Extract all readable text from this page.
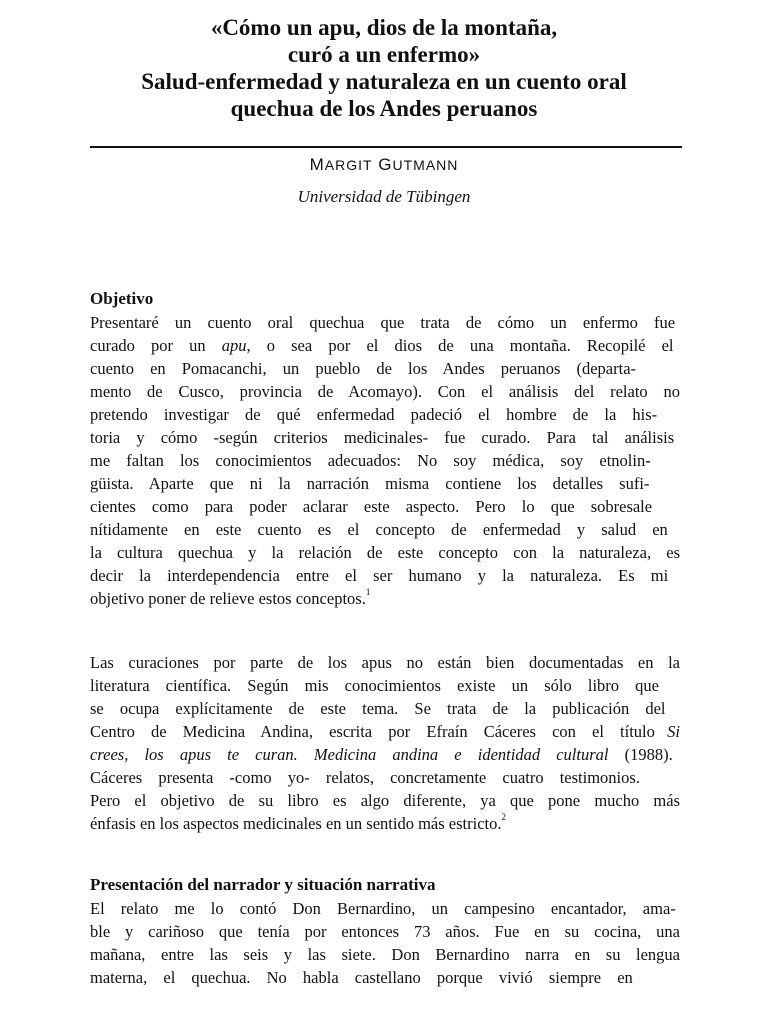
«Cómo un apu, dios de la montaña,
curó a un enfermo»
Salud-enfermedad y naturaleza en un cuento oral
quechua de los Andes peruanos
MARGIT GUTMANN
Universidad de Tübingen
Objetivo
Presentaré un cuento oral quechua que trata de cómo un enfermo fue
curado por un apu, o sea por el dios de una montaña. Recopilé el
cuento en Pomacanchi, un pueblo de los Andes peruanos (departa-
mento de Cusco, provincia de Acomayo). Con el análisis del relato no
pretendo investigar de qué enfermedad padeció el hombre de la his-
toria y cómo -según criterios medicinales- fue curado. Para tal análisis
me faltan los conocimientos adecuados: No soy médica, soy etnolin-
güista. Aparte que ni la narración misma contiene los detalles sufi-
cientes como para poder aclarar este aspecto. Pero lo que sobresale
nítidamente en este cuento es el concepto de enfermedad y salud en
la cultura quechua y la relación de este concepto con la naturaleza, es
decir la interdependencia entre el ser humano y la naturaleza. Es mi
objetivo poner de relieve estos conceptos.$^1$
Las curaciones por parte de los apus no están bien documentadas en la
literatura científica. Según mis conocimientos existe un sólo libro que
se ocupa explícitamente de este tema. Se trata de la publicación del
Centro de Medicina Andina, escrita por Efraín Cáceres con el título Si
crees, los apus te curan. Medicina andina e identidad cultural (1988).
Cáceres presenta -como yo- relatos, concretamente cuatro testimonios.
Pero el objetivo de su libro es algo diferente, ya que pone mucho más
énfasis en los aspectos medicinales en un sentido más estricto.$^2$
Presentación del narrador y situación narrativa
El relato me lo contó Don Bernardino, un campesino encantador, ama-
ble y cariñoso que tenía por entonces 73 años. Fue en su cocina, una
mañana, entre las seis y las siete. Don Bernardino narra en su lengua
materna, el quechua. No habla castellano porque vivió siempre en
